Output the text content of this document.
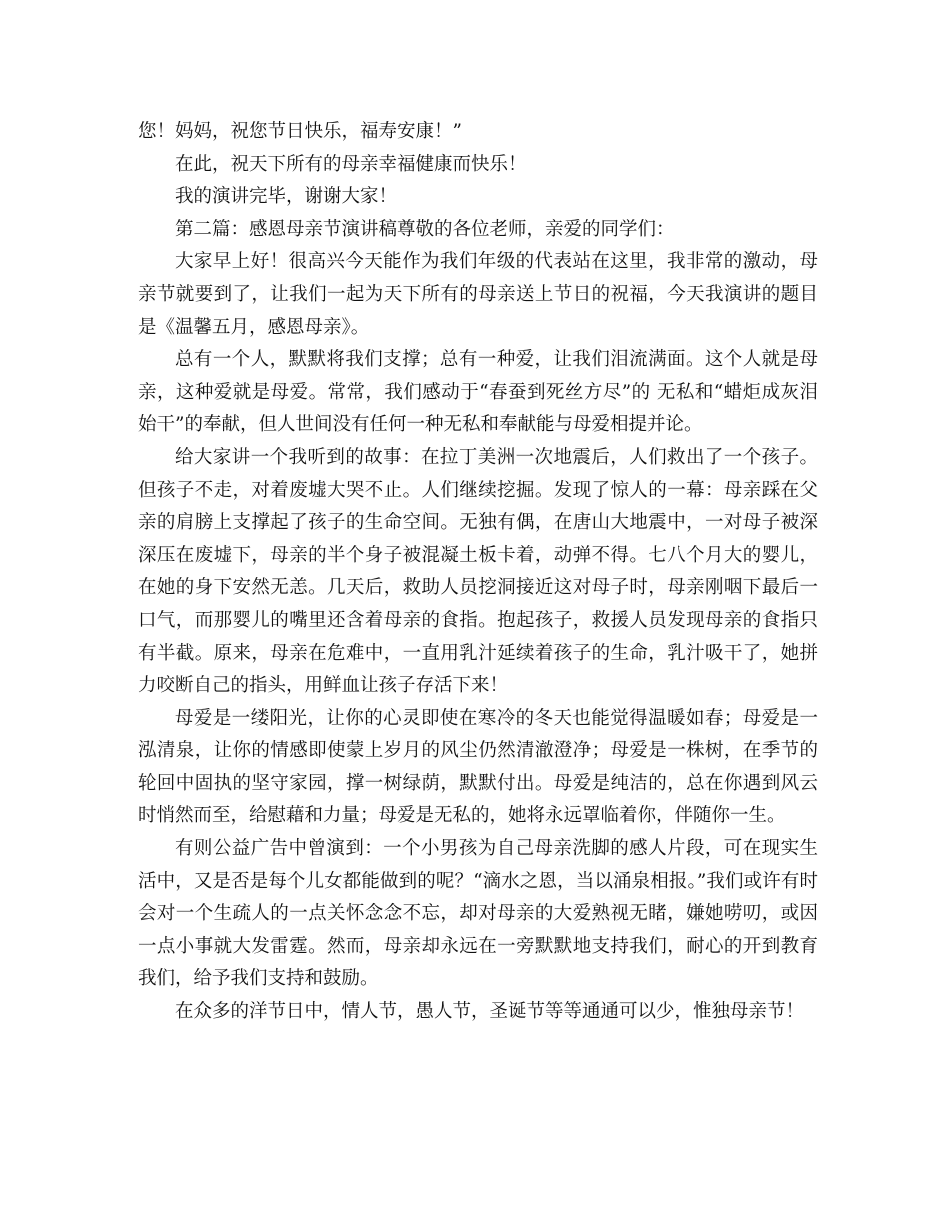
您！妈妈，祝您节日快乐，福寿安康！”

在此，祝天下所有的母亲幸福健康而快乐！

我的演讲完毕，谢谢大家！

第二篇：感恩母亲节演讲稿尊敬的各位老师，亲爱的同学们：

大家早上好！很高兴今天能作为我们年级的代表站在这里，我非常的激动，母亲节就要到了，让我们一起为天下所有的母亲送上节日的祝福，今天我演讲的题目是《温馨五月，感恩母亲》。

总有一个人，默默将我们支撑；总有一种爱，让我们泪流满面。这个人就是母亲，这种爱就是母爱。常常，我们感动于“春蚕到死丝方尽”的 无私和“蜡炬成灰泪始干”的奉献，但人世间没有任何一种无私和奉献能与母爱相提并论。

给大家讲一个我听到的故事：在拉丁美洲一次地震后，人们救出了一个孩子。但孩子不走，对着废墟大哭不止。人们继续挖掘。发现了惊人的一幕：母亲踩在父亲的肩膀上支撑起了孩子的生命空间。无独有偶，在唐山大地震中，一对母子被深深压在废墟下，母亲的半个身子被混凝土板卡着，动弹不得。七八个月大的婴儿，在她的身下安然无恙。几天后，救助人员挖洞接近这对母子时，母亲刚咽下最后一口气，而那婴儿的嘴里还含着母亲的食指。抱起孩子，救援人员发现母亲的食指只有半截。原来，母亲在危难中，一直用乳汁延续着孩子的生命，乳汁吸干了，她拼力咬断自己的指头，用鲜血让孩子存活下来！

母爱是一缕阳光，让你的心灵即使在寒冷的冬天也能觉得温暖如春；母爱是一泓清泉，让你的情感即使蒙上岁月的风尘仍然清澈澄净；母爱是一株树，在季节的轮回中固执的坚守家园，撑一树绿荫，默默付出。母爱是纯洁的，总在你遇到风云时悄然而至，给慰藉和力量；母爱是无私的，她将永远罩临着你，伴随你一生。

有则公益广告中曾演到：一个小男孩为自己母亲洗脚的感人片段，可在现实生活中，又是否是每个儿女都能做到的呢？“滴水之恩，当以涌泉相报。”我们或许有时会对一个生疏人的一点关怀念念不忘，却对母亲的大爱熟视无睹，嫌她唠叨，或因一点小事就大发雷霆。然而，母亲却永远在一旁默默地支持我们，耐心的开到教育我们，给予我们支持和鼓励。

在众多的洋节日中，情人节，愚人节，圣诞节等等通通可以少，惟独母亲节！
